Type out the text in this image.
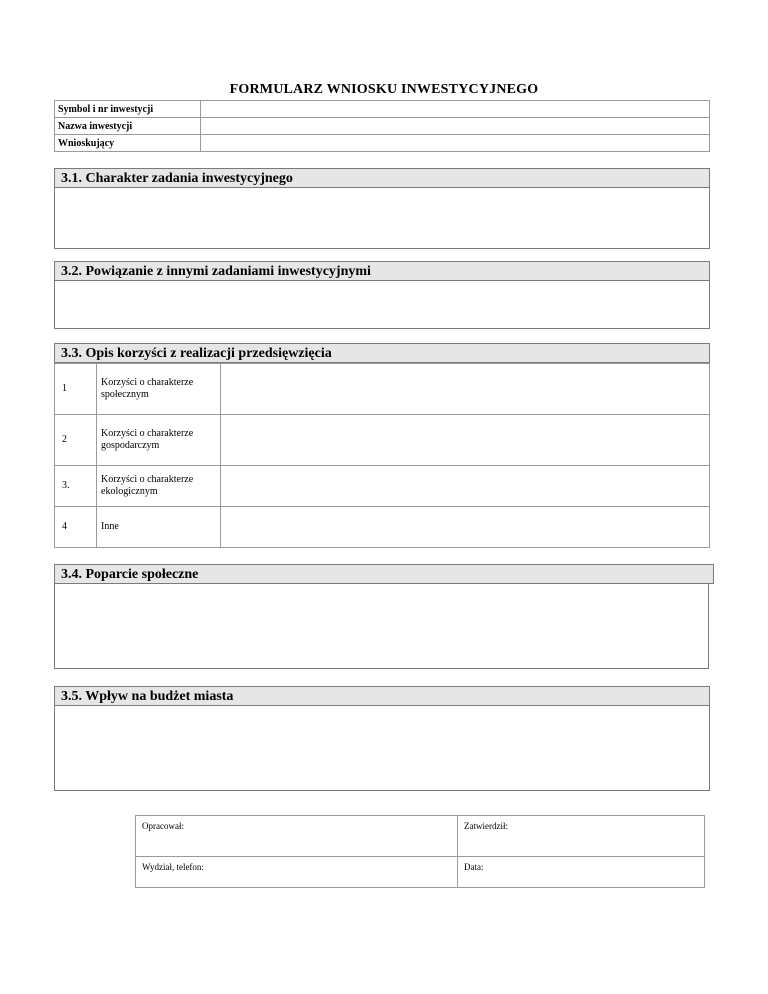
FORMULARZ WNIOSKU INWESTYCYJNEGO
Symbol i nr inwestycji	
Nazwa inwestycji	
Wnioskujący	
3.1. Charakter zadania inwestycyjnego
3.2. Powiązanie z innymi zadaniami inwestycyjnymi
3.3. Opis korzyści z realizacji przedsięwzięcia
1	Korzyści o charakterze społecznym	
2	Korzyści o charakterze gospodarczym	
3.	Korzyści o charakterze ekologicznym	
4	Inne	
3.4. Poparcie społeczne
3.5. Wpływ na budżet miasta
Opracował:	Zatwierdził:
Wydział, telefon:	Data:
